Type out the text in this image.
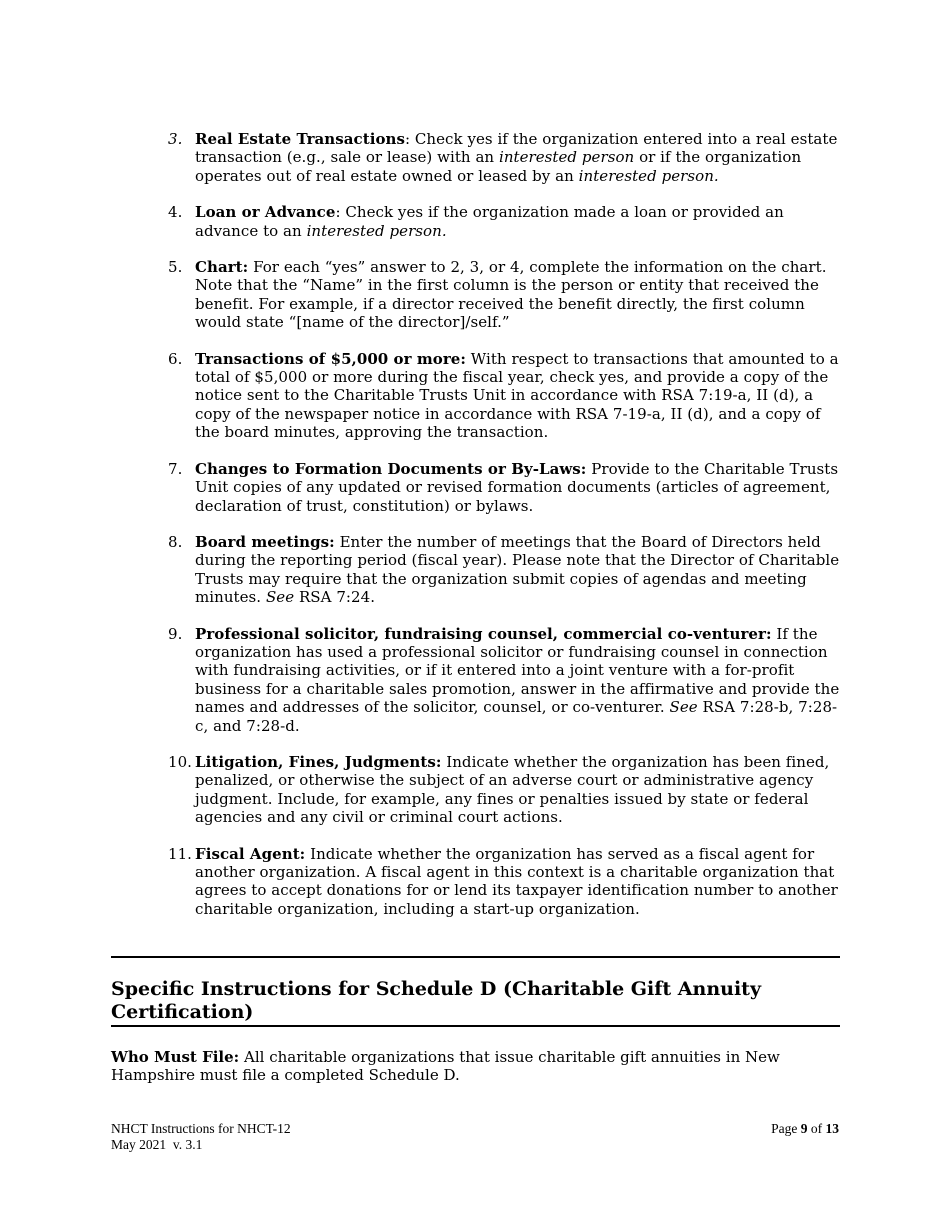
3. Real Estate Transactions: Check yes if the organization entered into a real estate transaction (e.g., sale or lease) with an interested person or if the organization operates out of real estate owned or leased by an interested person.
4. Loan or Advance: Check yes if the organization made a loan or provided an advance to an interested person.
5. Chart: For each “yes” answer to 2, 3, or 4, complete the information on the chart. Note that the “Name” in the first column is the person or entity that received the benefit. For example, if a director received the benefit directly, the first column would state “[name of the director]/self.”
6. Transactions of $5,000 or more: With respect to transactions that amounted to a total of $5,000 or more during the fiscal year, check yes, and provide a copy of the notice sent to the Charitable Trusts Unit in accordance with RSA 7:19-a, II (d), a copy of the newspaper notice in accordance with RSA 7-19-a, II (d), and a copy of the board minutes, approving the transaction.
7. Changes to Formation Documents or By-Laws: Provide to the Charitable Trusts Unit copies of any updated or revised formation documents (articles of agreement, declaration of trust, constitution) or bylaws.
8. Board meetings: Enter the number of meetings that the Board of Directors held during the reporting period (fiscal year). Please note that the Director of Charitable Trusts may require that the organization submit copies of agendas and meeting minutes. See RSA 7:24.
9. Professional solicitor, fundraising counsel, commercial co-venturer: If the organization has used a professional solicitor or fundraising counsel in connection with fundraising activities, or if it entered into a joint venture with a for-profit business for a charitable sales promotion, answer in the affirmative and provide the names and addresses of the solicitor, counsel, or co-venturer. See RSA 7:28-b, 7:28-c, and 7:28-d.
10. Litigation, Fines, Judgments: Indicate whether the organization has been fined, penalized, or otherwise the subject of an adverse court or administrative agency judgment. Include, for example, any fines or penalties issued by state or federal agencies and any civil or criminal court actions.
11. Fiscal Agent: Indicate whether the organization has served as a fiscal agent for another organization. A fiscal agent in this context is a charitable organization that agrees to accept donations for or lend its taxpayer identification number to another charitable organization, including a start-up organization.
Specific Instructions for Schedule D (Charitable Gift Annuity Certification)

Who Must File: All charitable organizations that issue charitable gift annuities in New Hampshire must file a completed Schedule D.

NHCT Instructions for NHCT-12
May 2021  v. 3.1
Page 9 of 13
